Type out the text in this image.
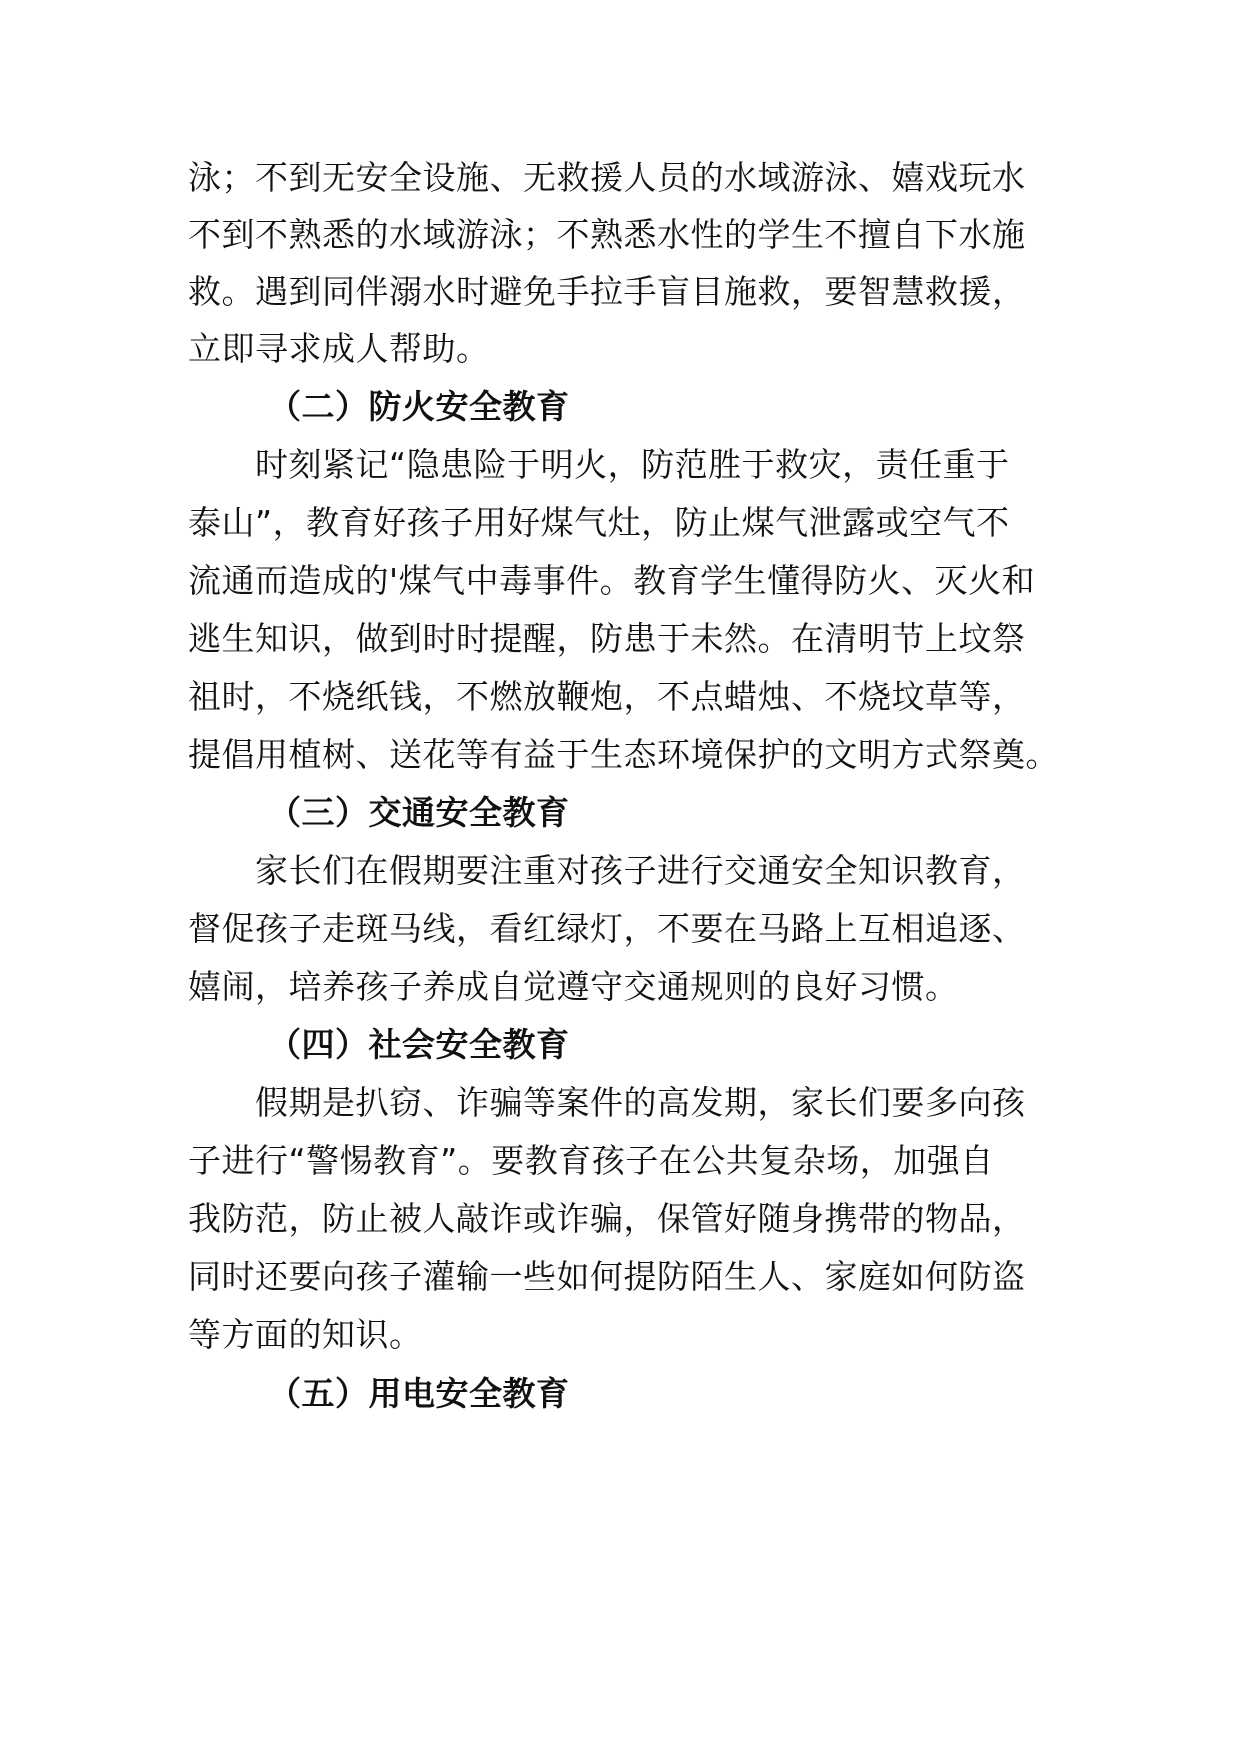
泳；不到无安全设施、无救援人员的水域游泳、嬉戏玩水
不到不熟悉的水域游泳；不熟悉水性的学生不擅自下水施
救。遇到同伴溺水时避免手拉手盲目施救，要智慧救援，
立即寻求成人帮助。
（二）防火安全教育
时刻紧记“隐患险于明火，防范胜于救灾，责任重于
泰山”，教育好孩子用好煤气灶，防止煤气泄露或空气不
流通而造成的'煤气中毒事件。教育学生懂得防火、灭火和
逃生知识，做到时时提醒，防患于未然。在清明节上坟祭
祖时，不烧纸钱，不燃放鞭炮，不点蜡烛、不烧坟草等，
提倡用植树、送花等有益于生态环境保护的文明方式祭奠。
（三）交通安全教育
家长们在假期要注重对孩子进行交通安全知识教育，
督促孩子走斑马线，看红绿灯，不要在马路上互相追逐、
嬉闹，培养孩子养成自觉遵守交通规则的良好习惯。
（四）社会安全教育
假期是扒窃、诈骗等案件的高发期，家长们要多向孩
子进行“警惕教育”。要教育孩子在公共复杂场，加强自
我防范，防止被人敲诈或诈骗，保管好随身携带的物品，
同时还要向孩子灌输一些如何提防陌生人、家庭如何防盗
等方面的知识。
（五）用电安全教育
